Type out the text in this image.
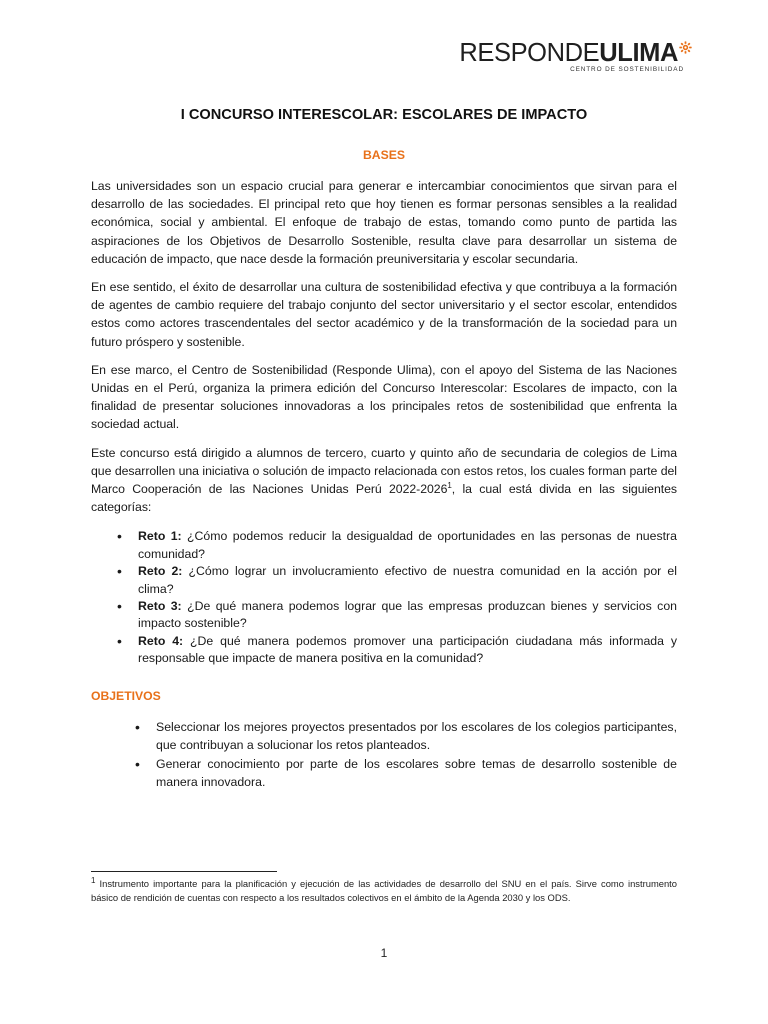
RESPONDE ULIMA
CENTRO DE SOSTENIBILIDAD
I CONCURSO INTERESCOLAR: ESCOLARES DE IMPACTO
BASES

Las universidades son un espacio crucial para generar e intercambiar conocimientos que sirvan para el desarrollo de las sociedades. El principal reto que hoy tienen es formar personas sensibles a la realidad económica, social y ambiental. El enfoque de trabajo de estas, tomando como punto de partida las aspiraciones de los Objetivos de Desarrollo Sostenible, resulta clave para desarrollar un sistema de educación de impacto, que nace desde la formación preuniversitaria y escolar secundaria.

En ese sentido, el éxito de desarrollar una cultura de sostenibilidad efectiva y que contribuya a la formación de agentes de cambio requiere del trabajo conjunto del sector universitario y el sector escolar, entendidos estos como actores trascendentales del sector académico y de la transformación de la sociedad para un futuro próspero y sostenible.

En ese marco, el Centro de Sostenibilidad (Responde Ulima), con el apoyo del Sistema de las Naciones Unidas en el Perú, organiza la primera edición del Concurso Interescolar: Escolares de impacto, con la finalidad de presentar soluciones innovadoras a los principales retos de sostenibilidad que enfrenta la sociedad actual.

Este concurso está dirigido a alumnos de tercero, cuarto y quinto año de secundaria de colegios de Lima que desarrollen una iniciativa o solución de impacto relacionada con estos retos, los cuales forman parte del Marco Cooperación de las Naciones Unidas Perú 2022-2026$^1$, la cual está divida en las siguientes categorías:

• Reto 1: ¿Cómo podemos reducir la desigualdad de oportunidades en las personas de nuestra comunidad?
• Reto 2: ¿Cómo lograr un involucramiento efectivo de nuestra comunidad en la acción por el clima?
• Reto 3: ¿De qué manera podemos lograr que las empresas produzcan bienes y servicios con impacto sostenible?
• Reto 4: ¿De qué manera podemos promover una participación ciudadana más informada y responsable que impacte de manera positiva en la comunidad?
OBJETIVOS
• Seleccionar los mejores proyectos presentados por los escolares de los colegios participantes, que contribuyan a solucionar los retos planteados.
• Generar conocimiento por parte de los escolares sobre temas de desarrollo sostenible de manera innovadora.
$^1$ Instrumento importante para la planificación y ejecución de las actividades de desarrollo del SNU en el país. Sirve como instrumento básico de rendición de cuentas con respecto a los resultados colectivos en el ámbito de la Agenda 2030 y los ODS.
1
